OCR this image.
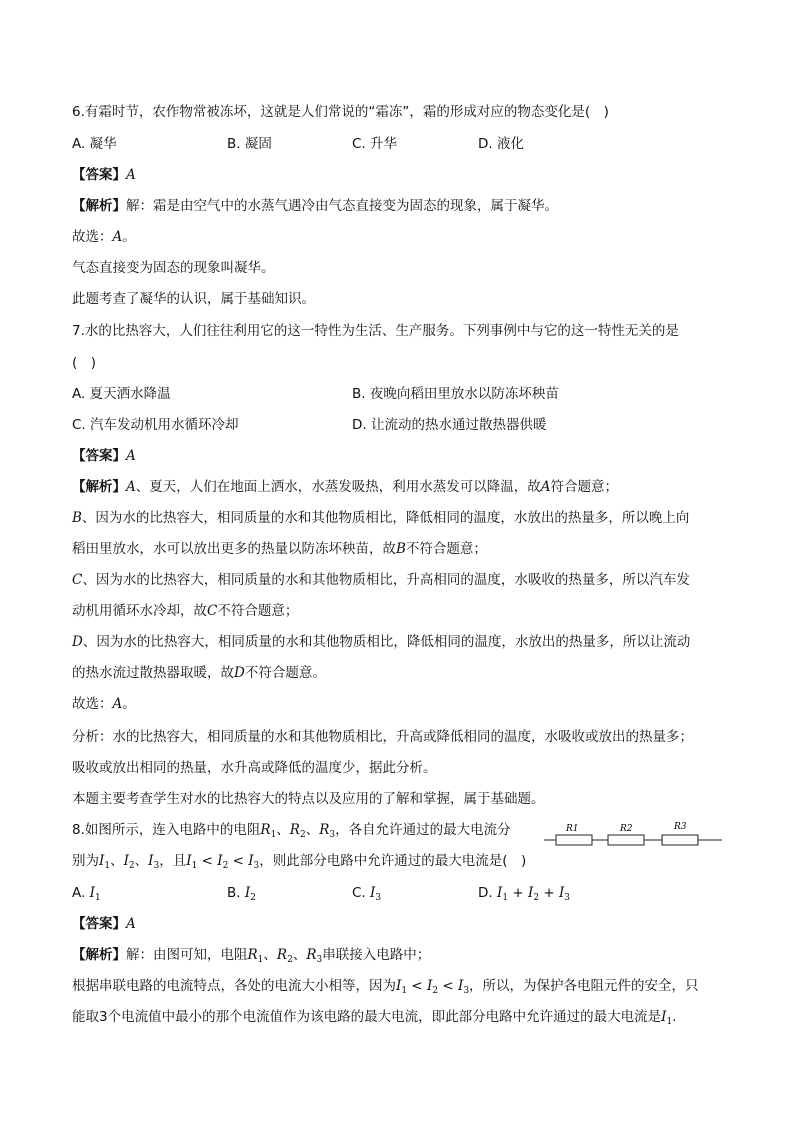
6.有霜时节，农作物常被冻坏，这就是人们常说的“霜冻”，霜的形成对应的物态变化是(　)
A. 凝华	B. 凝固	C. 升华	D. 液化
【答案】A
【解析】解：霜是由空气中的水蒸气遇冷由气态直接变为固态的现象，属于凝华。
故选：A。
气态直接变为固态的现象叫凝华。
此题考查了凝华的认识，属于基础知识。
7.水的比热容大，人们往往利用它的这一特性为生活、生产服务。下列事例中与它的这一特性无关的是
(　)
A. 夏天洒水降温	B. 夜晚向稻田里放水以防冻坏秧苗
C. 汽车发动机用水循环冷却	D. 让流动的热水通过散热器供暖
【答案】A
【解析】A、夏天，人们在地面上洒水，水蒸发吸热，利用水蒸发可以降温，故A符合题意；
B、因为水的比热容大，相同质量的水和其他物质相比，降低相同的温度，水放出的热量多，所以晚上向
稻田里放水，水可以放出更多的热量以防冻坏秧苗，故B不符合题意；
C、因为水的比热容大，相同质量的水和其他物质相比，升高相同的温度，水吸收的热量多，所以汽车发
动机用循环水冷却，故C不符合题意；
D、因为水的比热容大，相同质量的水和其他物质相比，降低相同的温度，水放出的热量多，所以让流动
的热水流过散热器取暖，故D不符合题意。
故选：A。
分析：水的比热容大，相同质量的水和其他物质相比，升高或降低相同的温度，水吸收或放出的热量多；
吸收或放出相同的热量，水升高或降低的温度少，据此分析。
本题主要考查学生对水的比热容大的特点以及应用的了解和掌握，属于基础题。
8.如图所示，连入电路中的电阻$R_1$、$R_2$、$R_3$，各自允许通过的最大电流分
别为$I_1$、$I_2$、$I_3$，且$I_1 < I_2 < I_3$，则此部分电路中允许通过的最大电流是(　)
R1	R2	R3
A. $I_1$	B. $I_2$	C. $I_3$	D. $I_1 + I_2 + I_3$
【答案】A
【解析】解：由图可知，电阻$R_1$、$R_2$、$R_3$串联接入电路中；
根据串联电路的电流特点，各处的电流大小相等，因为$I_1 < I_2 < I_3$，所以，为保护各电阻元件的安全，只
能取3个电流值中最小的那个电流值作为该电路的最大电流，即此部分电路中允许通过的最大电流是$I_1$.
